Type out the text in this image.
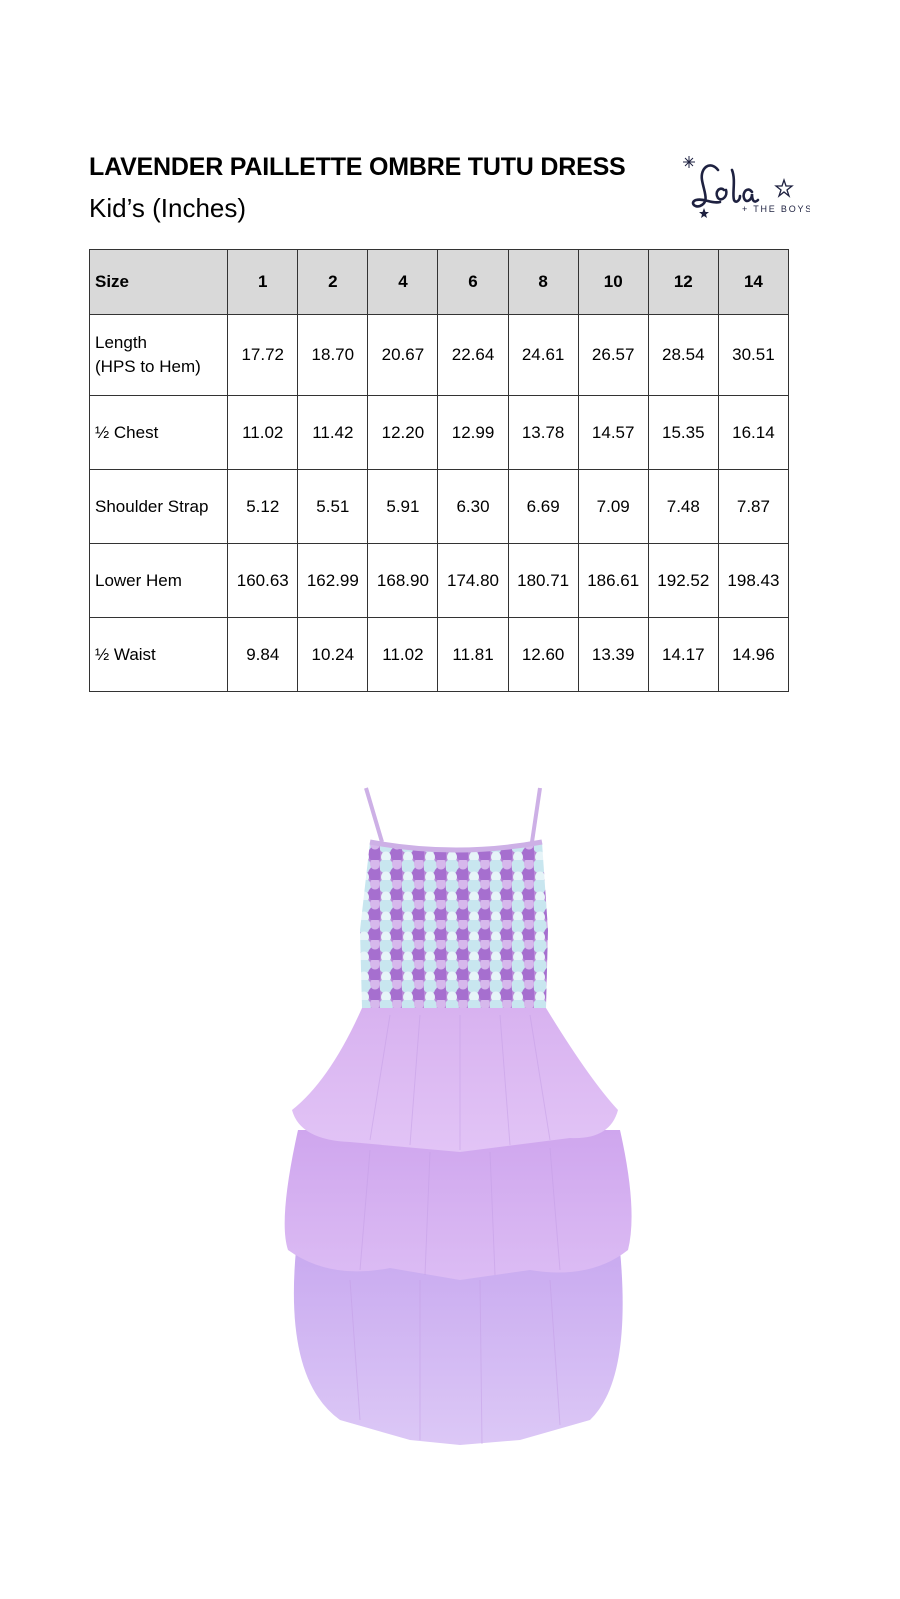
LAVENDER PAILLETTE OMBRE TUTU DRESS
Kid’s (Inches)	+ THE BOYS
Size	1	2	4	6	8	10	12	14
Length
(HPS to Hem)	17.72	18.70	20.67	22.64	24.61	26.57	28.54	30.51
½ Chest	11.02	11.42	12.20	12.99	13.78	14.57	15.35	16.14
Shoulder Strap	5.12	5.51	5.91	6.30	6.69	7.09	7.48	7.87
Lower Hem	160.63	162.99	168.90	174.80	180.71	186.61	192.52	198.43
½ Waist	9.84	10.24	11.02	11.81	12.60	13.39	14.17	14.96
